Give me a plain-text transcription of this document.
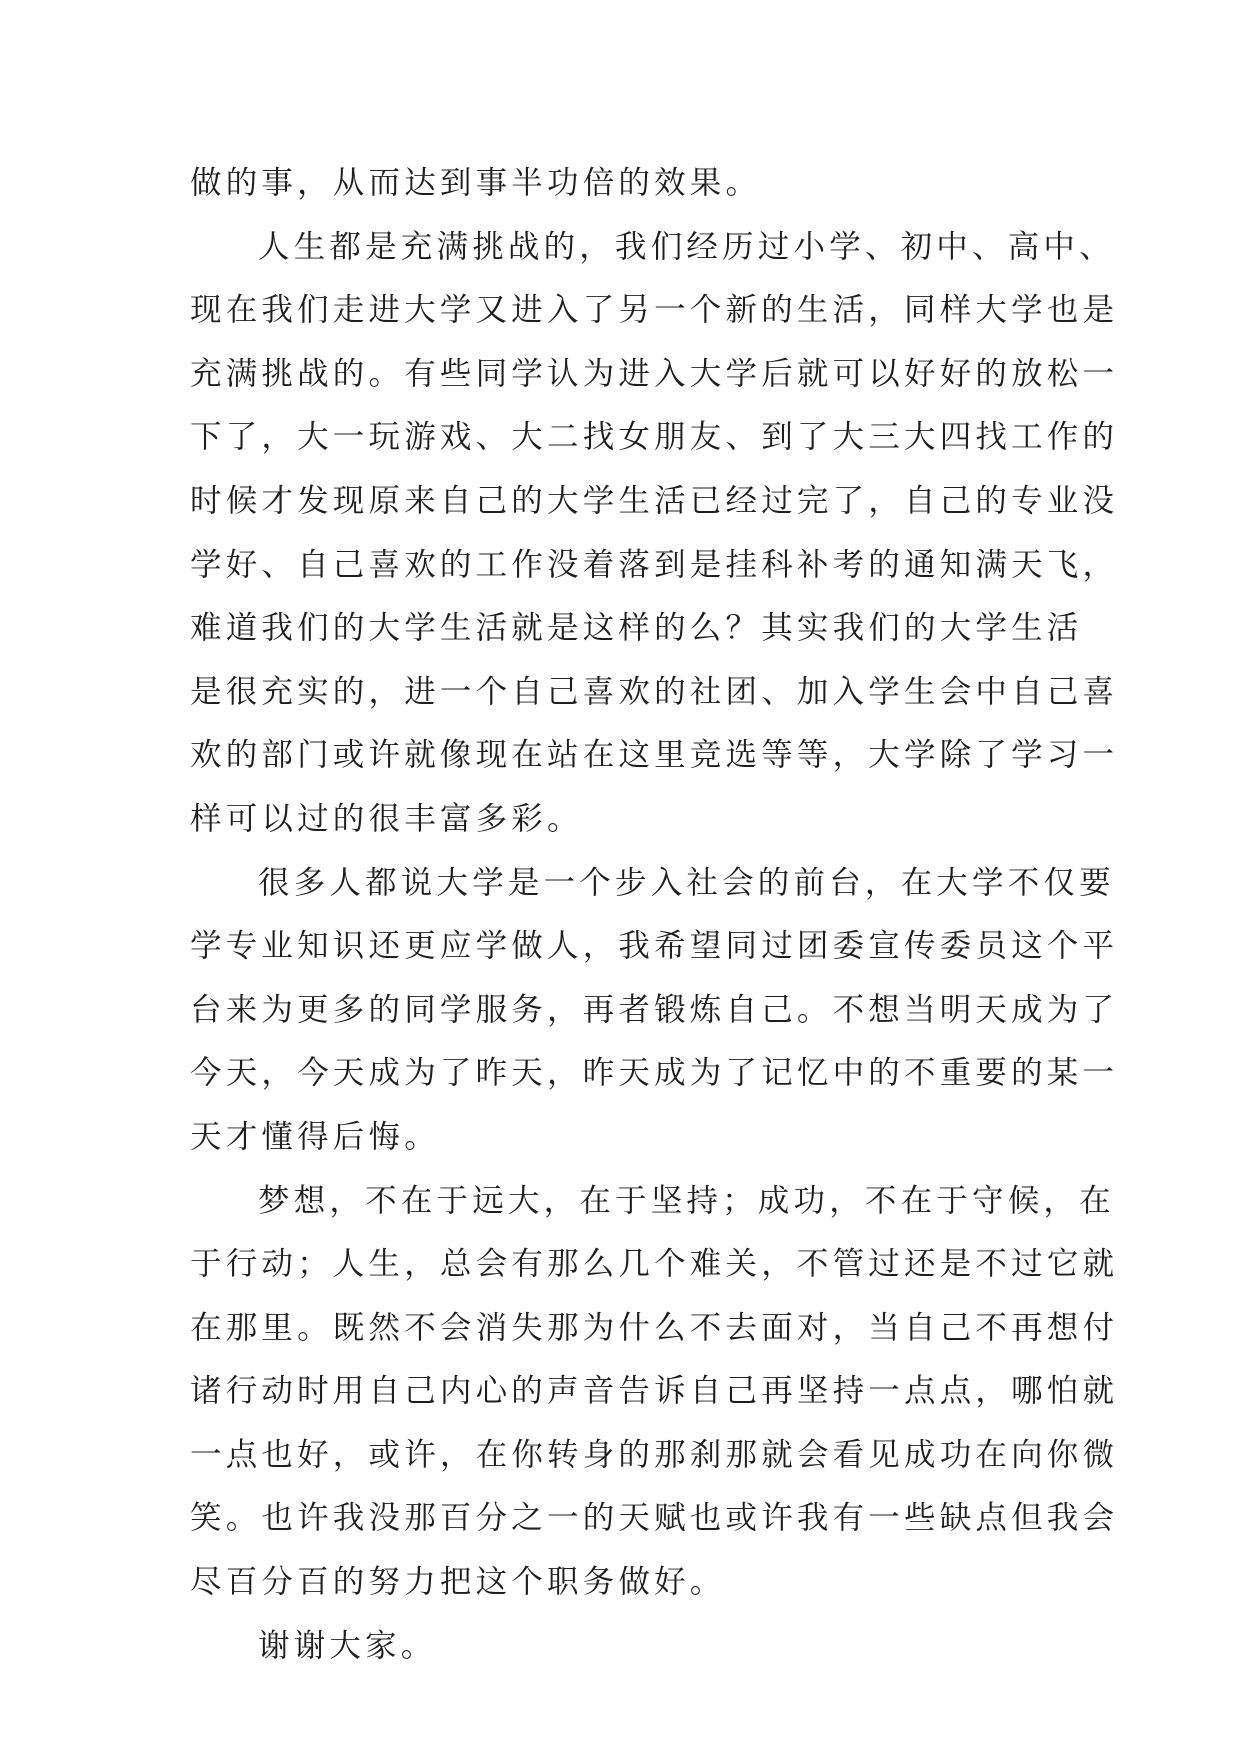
做的事，从而达到事半功倍的效果。
人生都是充满挑战的，我们经历过小学、初中、高中、
现在我们走进大学又进入了另一个新的生活，同样大学也是
充满挑战的。有些同学认为进入大学后就可以好好的放松一
下了，大一玩游戏、大二找女朋友、到了大三大四找工作的
时候才发现原来自己的大学生活已经过完了，自己的专业没
学好、自己喜欢的工作没着落到是挂科补考的通知满天飞，
难道我们的大学生活就是这样的么？其实我们的大学生活
是很充实的，进一个自己喜欢的社团、加入学生会中自己喜
欢的部门或许就像现在站在这里竞选等等，大学除了学习一
样可以过的很丰富多彩。
很多人都说大学是一个步入社会的前台，在大学不仅要
学专业知识还更应学做人，我希望同过团委宣传委员这个平
台来为更多的同学服务，再者锻炼自己。不想当明天成为了
今天，今天成为了昨天，昨天成为了记忆中的不重要的某一
天才懂得后悔。
梦想，不在于远大，在于坚持；成功，不在于守候，在
于行动；人生，总会有那么几个难关，不管过还是不过它就
在那里。既然不会消失那为什么不去面对，当自己不再想付
诸行动时用自己内心的声音告诉自己再坚持一点点，哪怕就
一点也好，或许，在你转身的那刹那就会看见成功在向你微
笑。也许我没那百分之一的天赋也或许我有一些缺点但我会
尽百分百的努力把这个职务做好。
谢谢大家。
